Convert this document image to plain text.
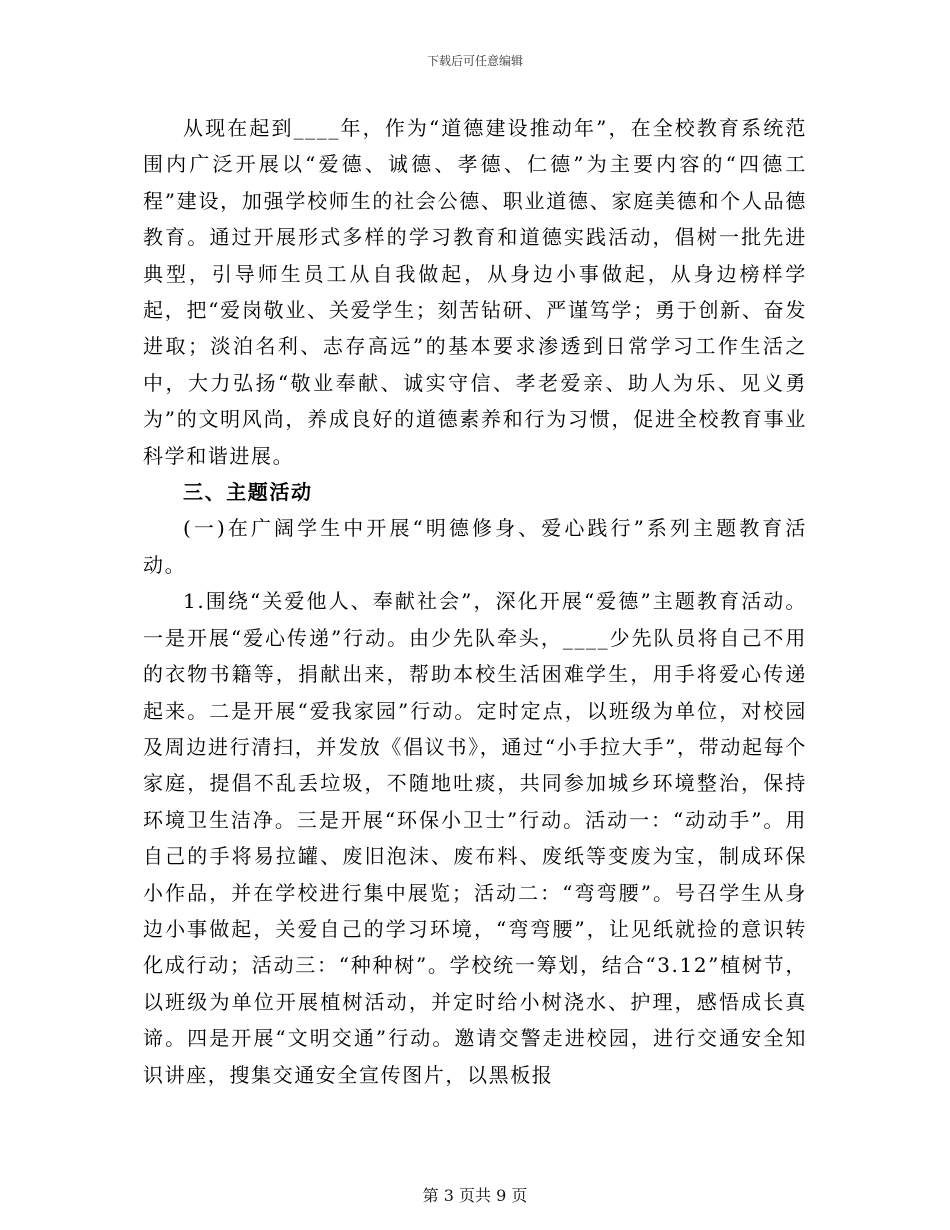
下载后可任意编辑

从现在起到____年，作为“道德建设推动年”，在全校教育系统范围内广泛开展以“爱德、诚德、孝德、仁德”为主要内容的“四德工程”建设，加强学校师生的社会公德、职业道德、家庭美德和个人品德教育。通过开展形式多样的学习教育和道德实践活动，倡树一批先进典型，引导师生员工从自我做起，从身边小事做起，从身边榜样学起，把“爱岗敬业、关爱学生；刻苦钻研、严谨笃学；勇于创新、奋发进取；淡泊名利、志存高远”的基本要求渗透到日常学习工作生活之中，大力弘扬“敬业奉献、诚实守信、孝老爱亲、助人为乐、见义勇为”的文明风尚，养成良好的道德素养和行为习惯，促进全校教育事业科学和谐进展。

三、主题活动

(一)在广阔学生中开展“明德修身、爱心践行”系列主题教育活动。

1.围绕“关爱他人、奉献社会”，深化开展“爱德”主题教育活动。一是开展“爱心传递”行动。由少先队牵头，____少先队员将自己不用的衣物书籍等，捐献出来，帮助本校生活困难学生，用手将爱心传递起来。二是开展“爱我家园”行动。定时定点，以班级为单位，对校园及周边进行清扫，并发放《倡议书》，通过“小手拉大手”，带动起每个家庭，提倡不乱丢垃圾，不随地吐痰，共同参加城乡环境整治，保持环境卫生洁净。三是开展“环保小卫士”行动。活动一：“动动手”。用自己的手将易拉罐、废旧泡沫、废布料、废纸等变废为宝，制成环保小作品，并在学校进行集中展览；活动二：“弯弯腰”。号召学生从身边小事做起，关爱自己的学习环境，“弯弯腰”，让见纸就捡的意识转化成行动；活动三：“种种树”。学校统一筹划，结合“3.12”植树节，以班级为单位开展植树活动，并定时给小树浇水、护理，感悟成长真谛。四是开展“文明交通”行动。邀请交警走进校园，进行交通安全知识讲座，搜集交通安全宣传图片，以黑板报

第 3 页共 9 页
